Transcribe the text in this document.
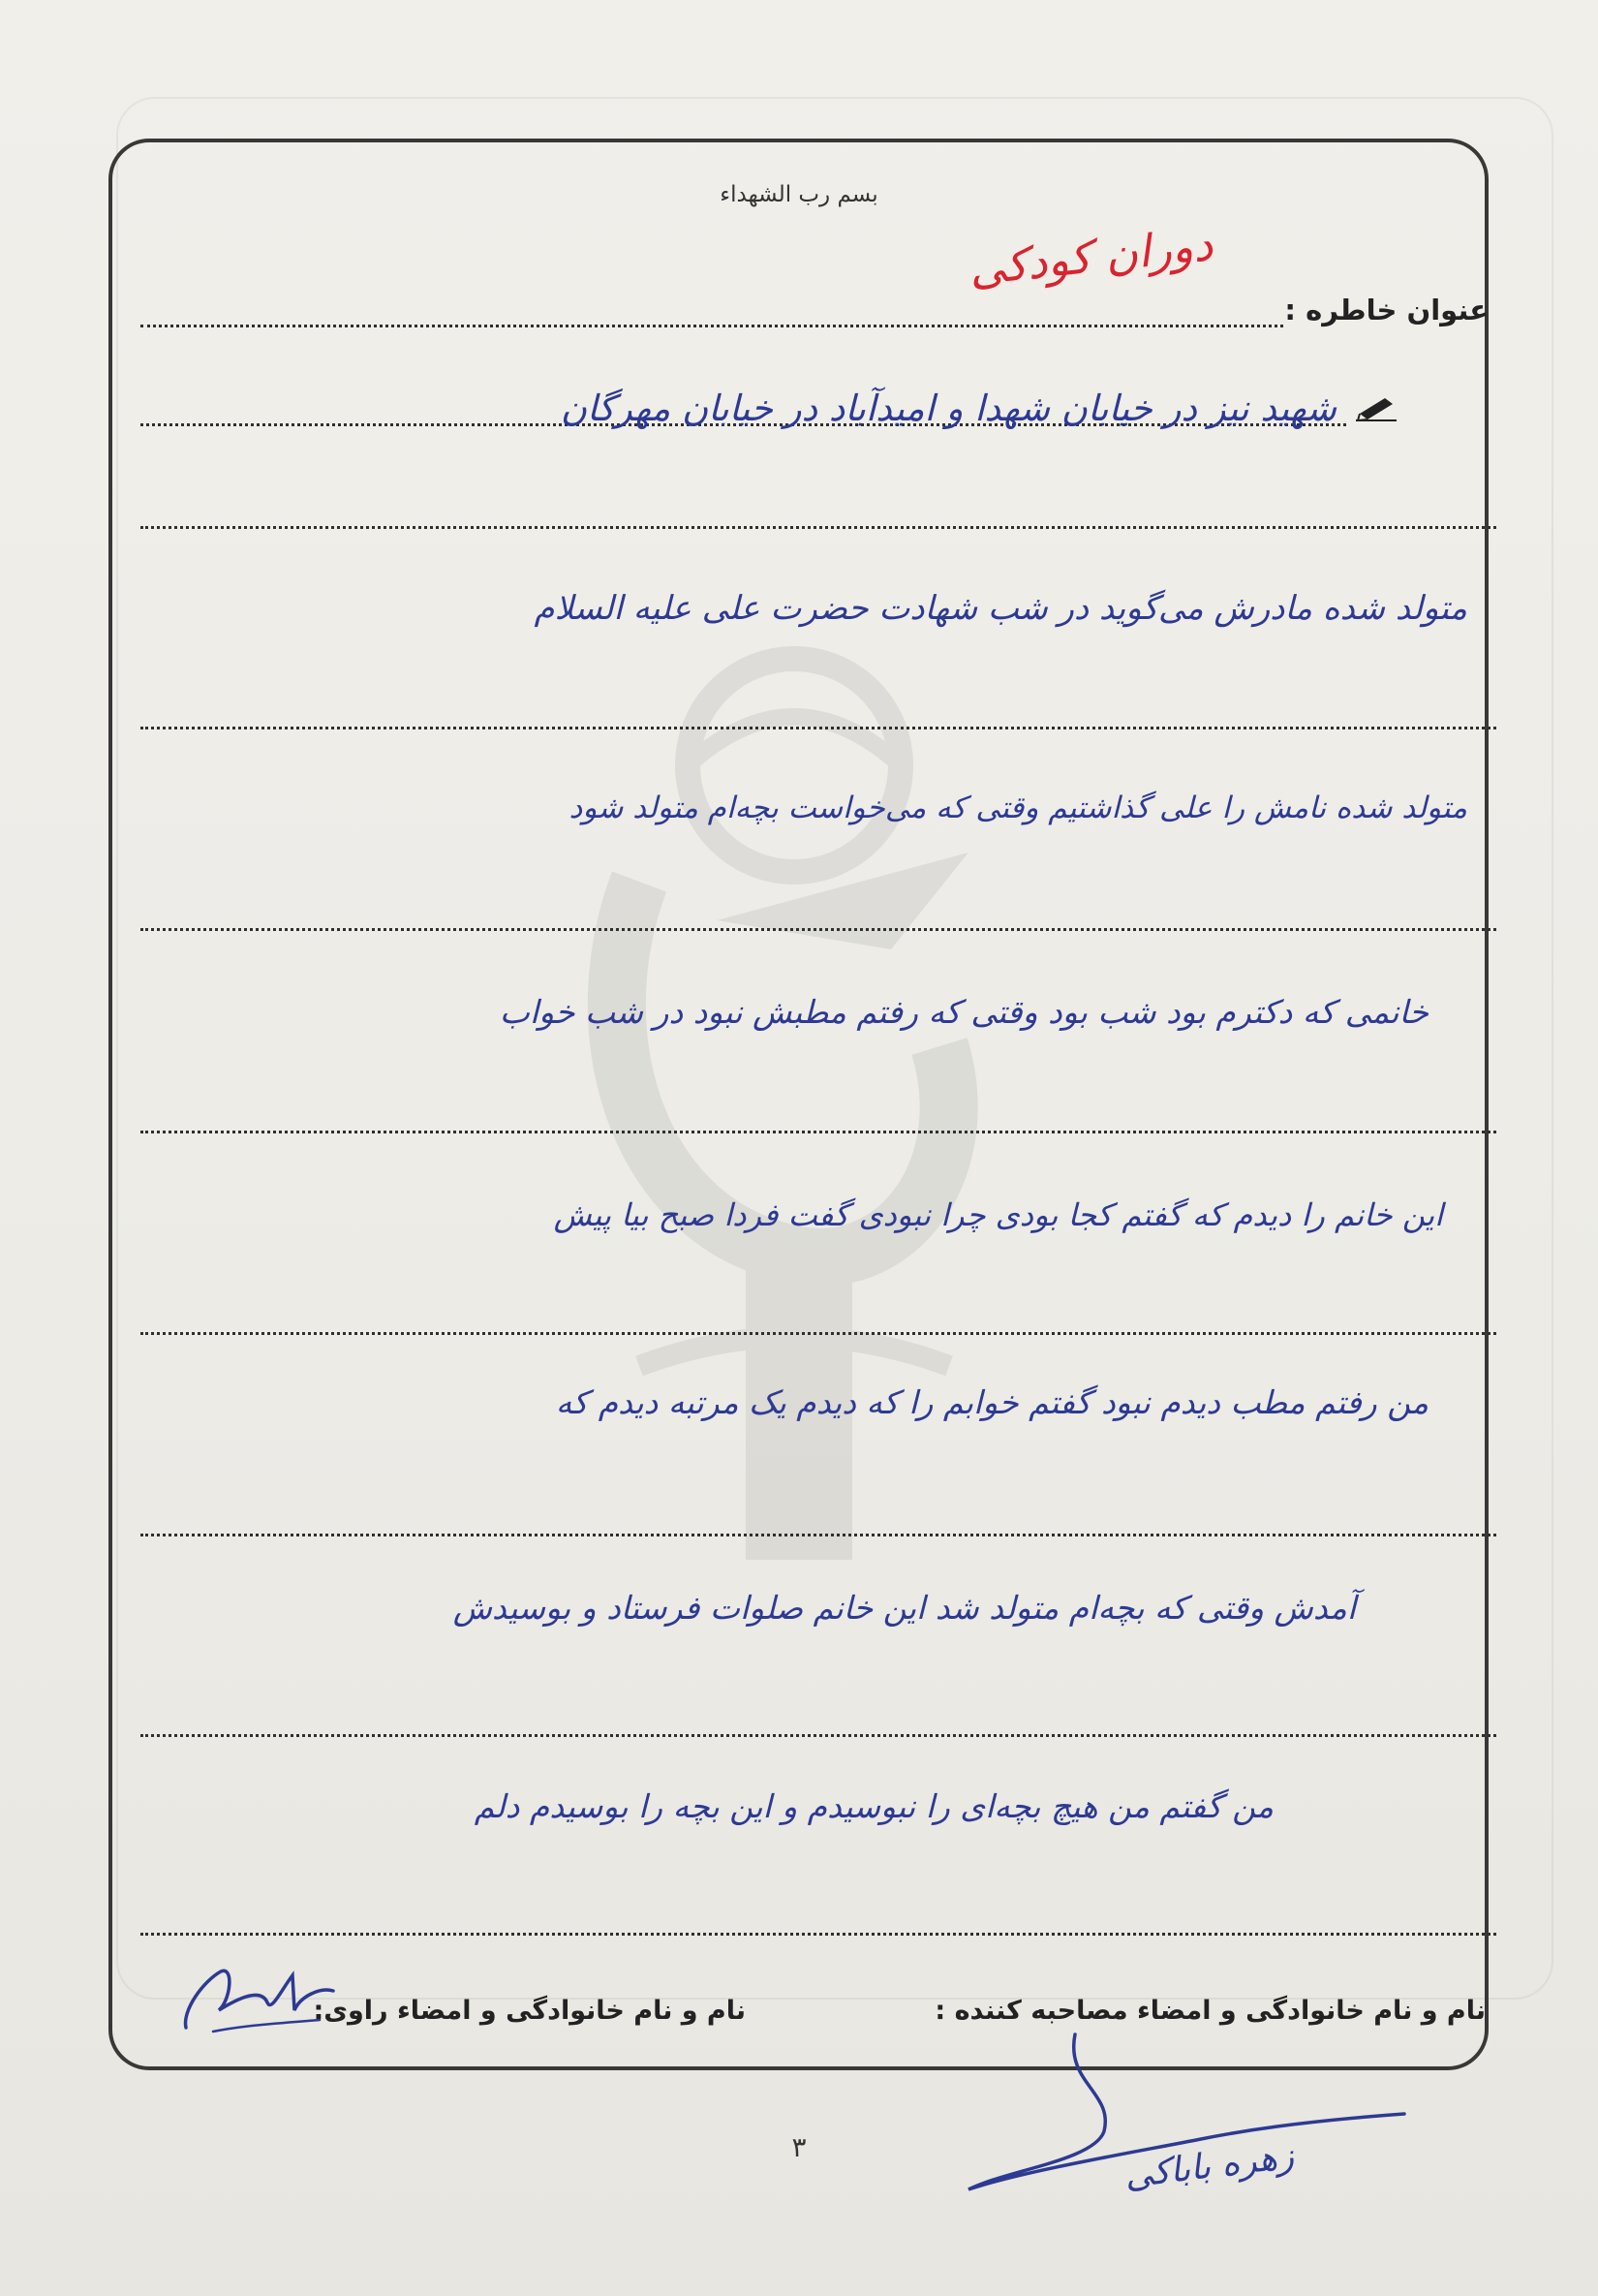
بسم رب الشهداء
عنوان خاطره :
دوران کودکی
شهید نیز در خیابان شهدا و امیدآباد در خیابان مهرگان
متولد شده مادرش می‌گوید در شب شهادت حضرت علی علیه السلام
متولد شده نامش را علی گذاشتیم وقتی که می‌خواست بچه‌ام متولد شود
خانمی که دکترم بود شب بود وقتی که رفتم مطبش نبود در شب خواب
این خانم را دیدم که گفتم کجا بودی چرا نبودی گفت فردا صبح بیا پیش
من رفتم مطب دیدم نبود گفتم خوابم را که دیدم یک مرتبه دیدم که
آمدش وقتی که بچه‌ام متولد شد این خانم صلوات فرستاد و بوسیدش
من گفتم من هیچ بچه‌ای را نبوسیدم و این بچه را بوسیدم دلم
نام و نام خانوادگی و امضاء مصاحبه کننده :
نام و نام خانوادگی و امضاء راوی:
زهره باباکی
۳
